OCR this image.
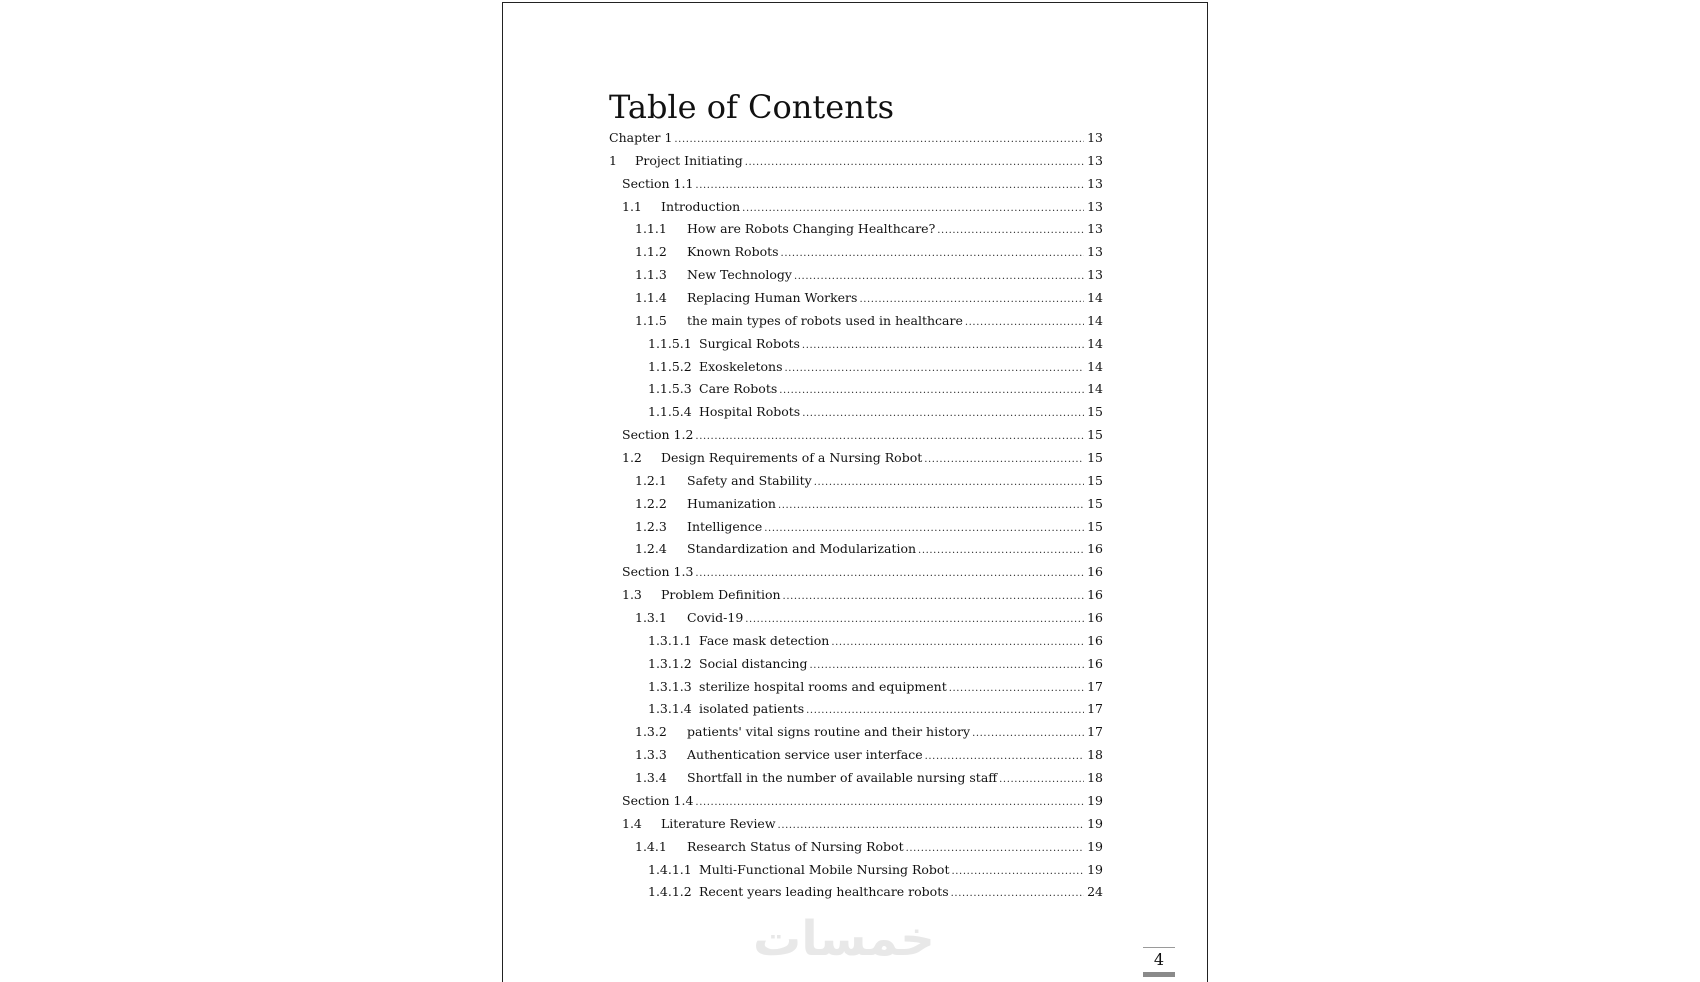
Table of Contents
Chapter 1 .....	13
1	Project Initiating .....	13
Section 1.1 .....	13
1.1	Introduction .....	13
1.1.1	How are Robots Changing Healthcare? .....	13
1.1.2	Known Robots .....	13
1.1.3	New Technology .....	13
1.1.4	Replacing Human Workers .....	14
1.1.5	the main types of robots used in healthcare .....	14
1.1.5.1 Surgical Robots .....	14
1.1.5.2 Exoskeletons .....	14
1.1.5.3 Care Robots .....	14
1.1.5.4 Hospital Robots .....	15
Section 1.2 .....	15
1.2	Design Requirements of a Nursing Robot .....	15
1.2.1	Safety and Stability .....	15
1.2.2	Humanization .....	15
1.2.3	Intelligence .....	15
1.2.4	Standardization and Modularization .....	16
Section 1.3 .....	16
1.3	Problem Definition .....	16
1.3.1	Covid-19 .....	16
1.3.1.1 Face mask detection .....	16
1.3.1.2 Social distancing .....	16
1.3.1.3 sterilize hospital rooms and equipment .....	17
1.3.1.4 isolated patients .....	17
1.3.2	patients' vital signs routine and their history .....	17
1.3.3	Authentication service user interface .....	18
1.3.4	Shortfall in the number of available nursing staff .....	18
Section 1.4 .....	19
1.4	Literature Review .....	19
1.4.1	Research Status of Nursing Robot .....	19
1.4.1.1 Multi-Functional Mobile Nursing Robot .....	19
1.4.1.2 Recent years leading healthcare robots .....	24
خمسات	4
